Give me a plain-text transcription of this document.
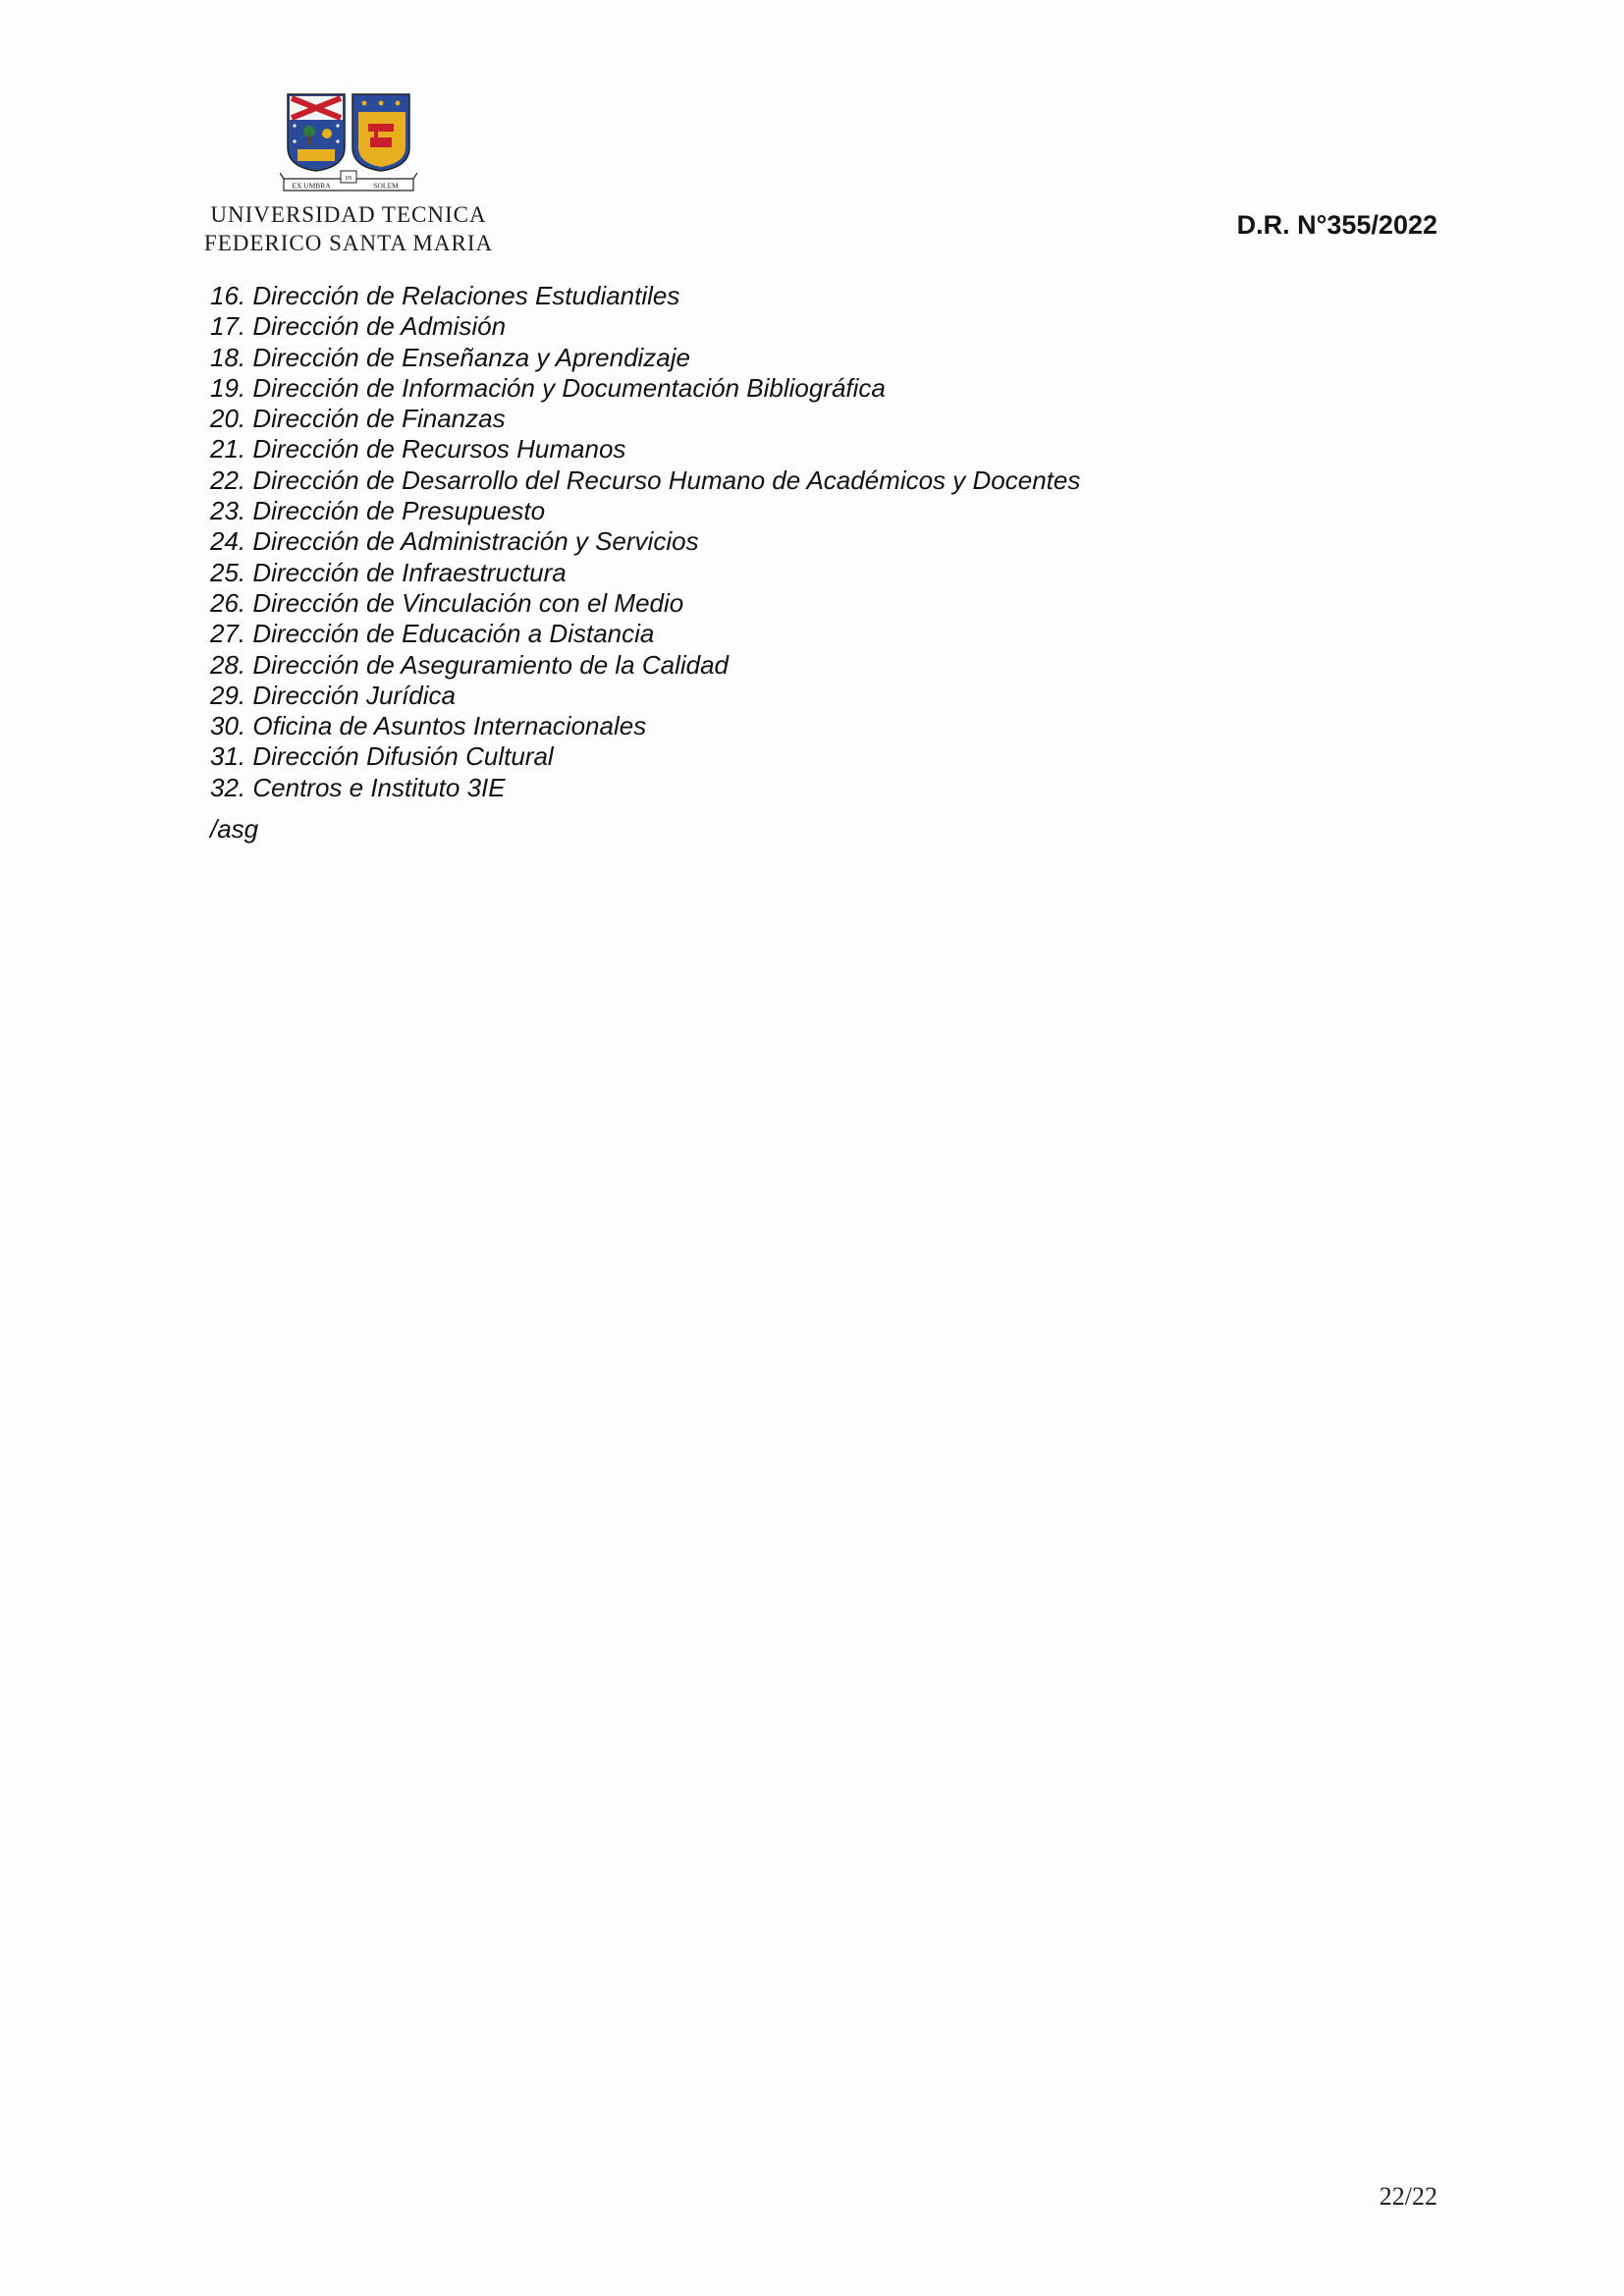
EX UMBRA
IN
SOLEM
UNIVERSIDAD TECNICA
FEDERICO SANTA MARIA
D.R. N°355/2022
16. Dirección de Relaciones Estudiantiles
17. Dirección de Admisión
18. Dirección de Enseñanza y Aprendizaje
19. Dirección de Información y Documentación Bibliográfica
20. Dirección de Finanzas
21. Dirección de Recursos Humanos
22. Dirección de Desarrollo del Recurso Humano de Académicos y Docentes
23. Dirección de Presupuesto
24. Dirección de Administración y Servicios
25. Dirección de Infraestructura
26. Dirección de Vinculación con el Medio
27. Dirección de Educación a Distancia
28. Dirección de Aseguramiento de la Calidad
29. Dirección Jurídica
30. Oficina de Asuntos Internacionales
31. Dirección Difusión Cultural
32. Centros e Instituto 3IE
/asg
22/22
